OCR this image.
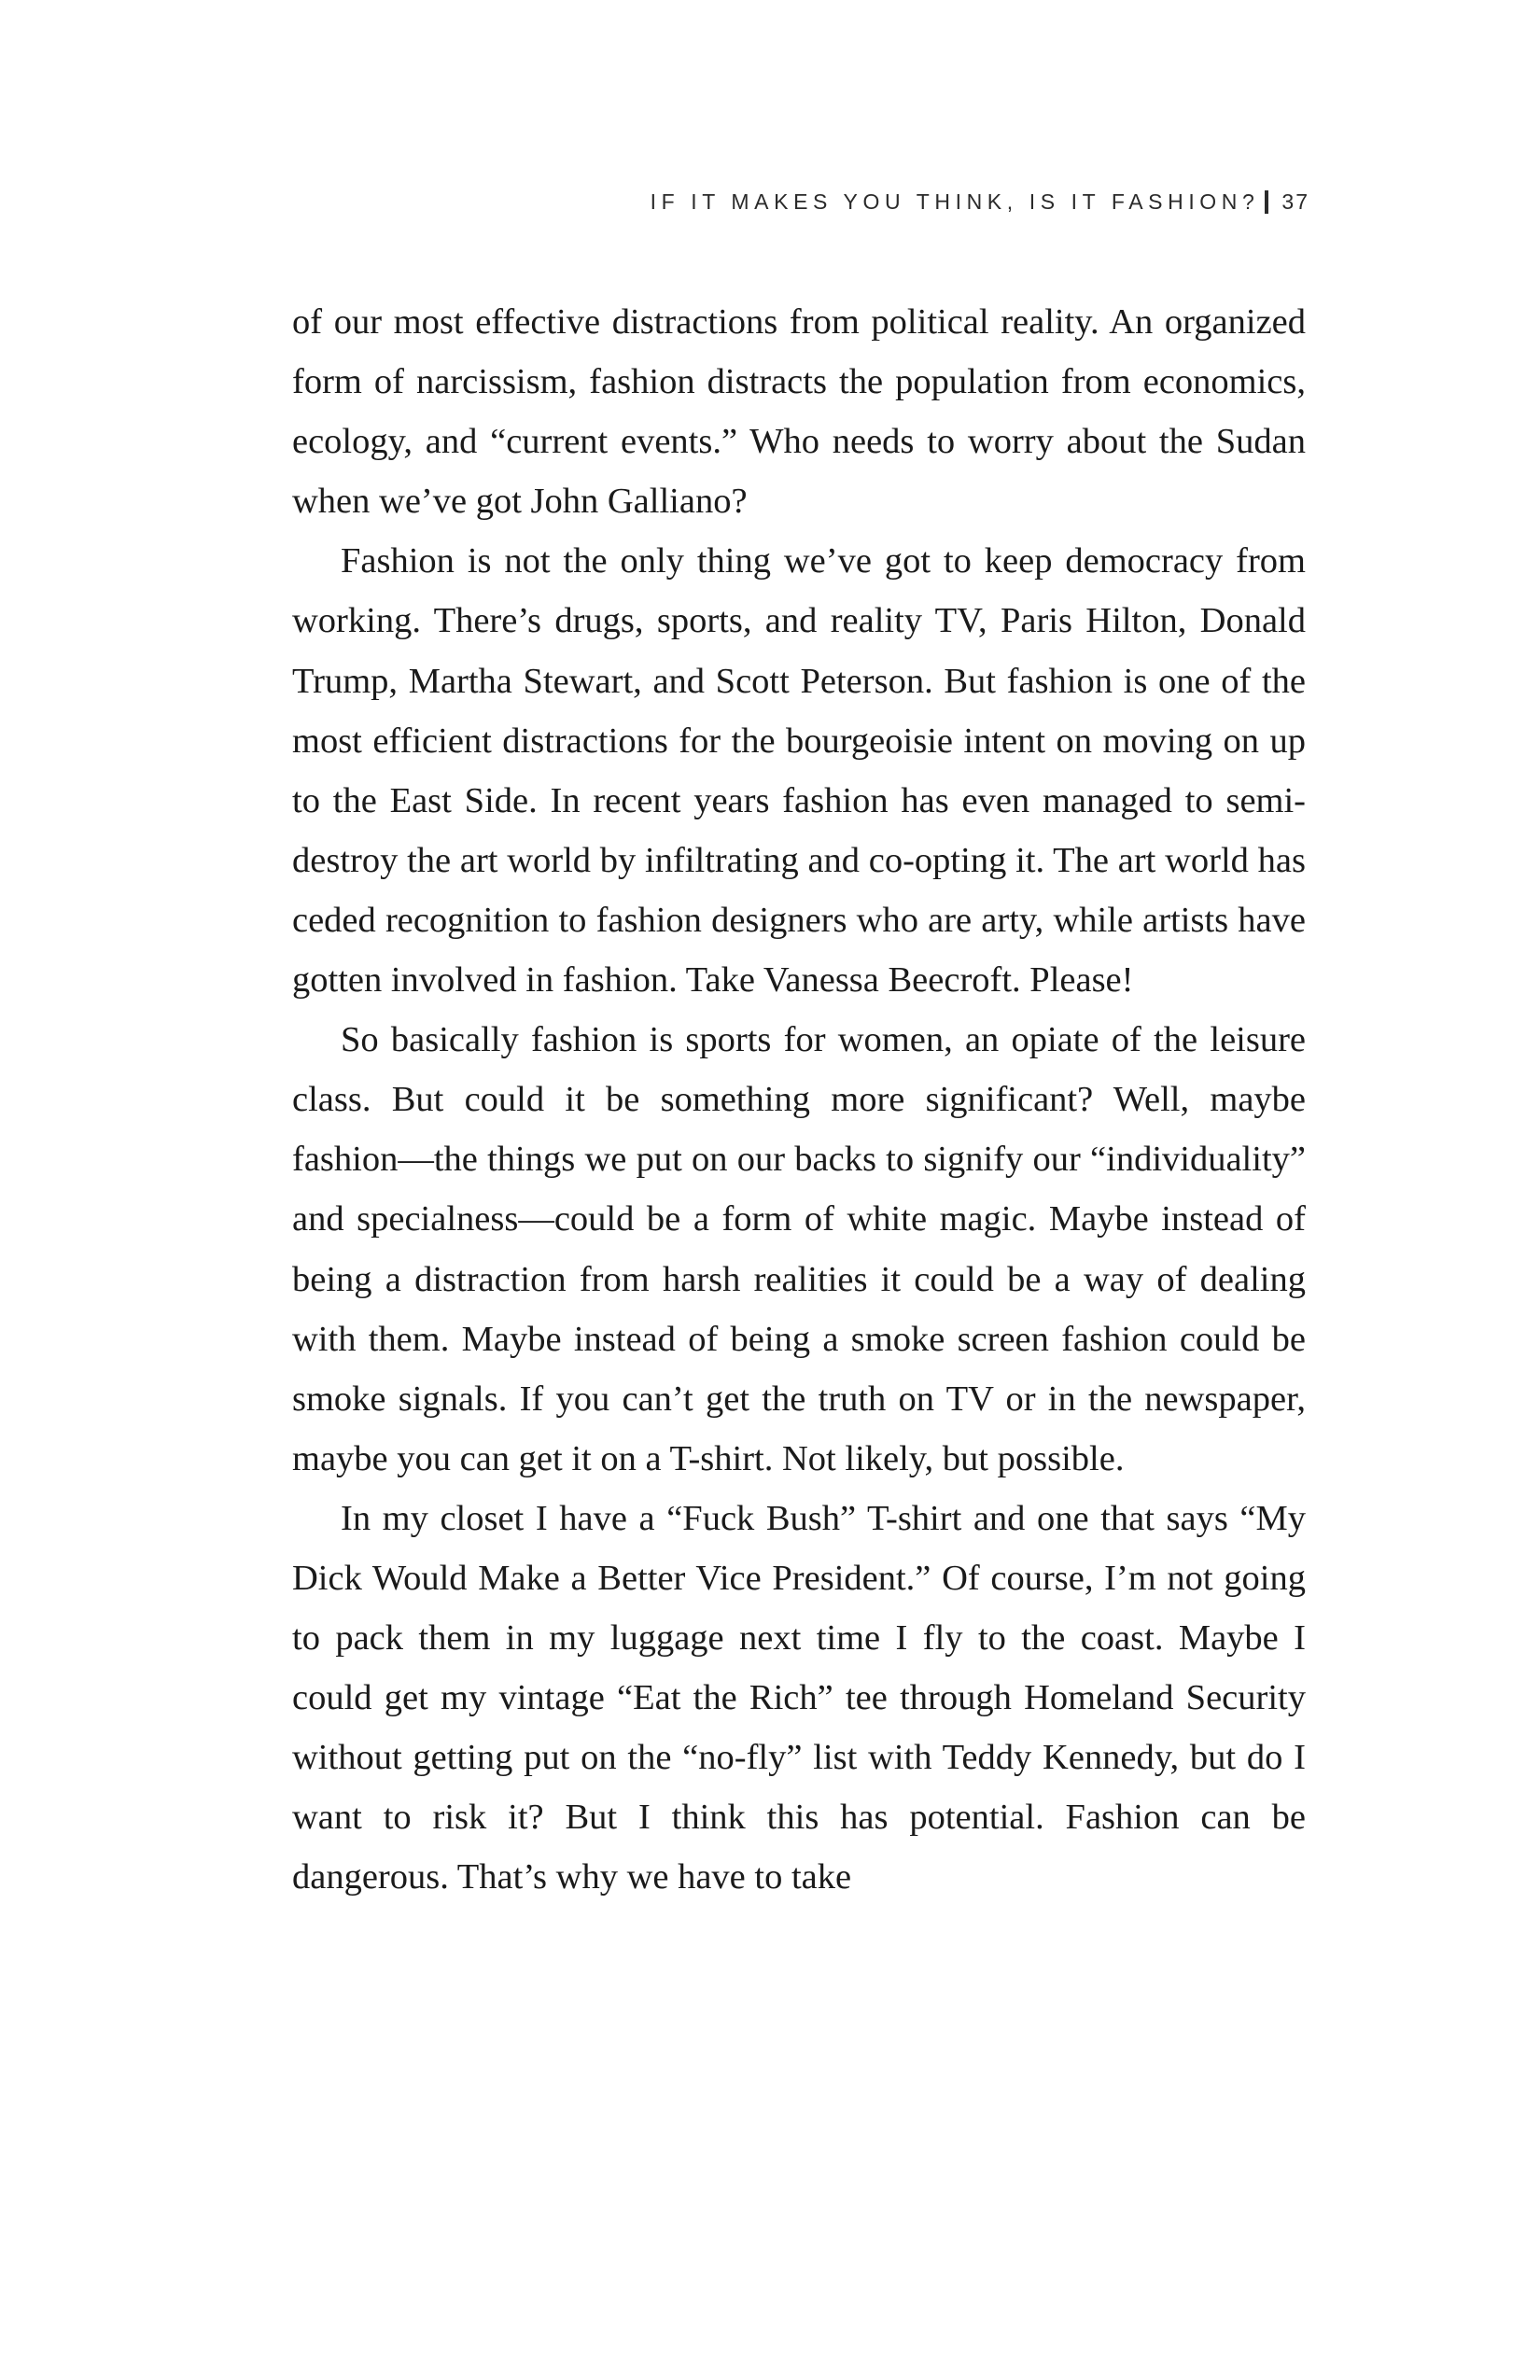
IF IT MAKES YOU THINK, IS IT FASHION? 37

of our most effective distractions from political reality. An organized form of narcissism, fashion distracts the population from economics, ecology, and “current events.” Who needs to worry about the Sudan when we’ve got John Galliano?

Fashion is not the only thing we’ve got to keep democracy from working. There’s drugs, sports, and reality TV, Paris Hilton, Donald Trump, Martha Stewart, and Scott Peterson. But fashion is one of the most efficient distractions for the bourgeoisie intent on moving on up to the East Side. In recent years fashion has even managed to semi-destroy the art world by infiltrating and co-opting it. The art world has ceded recognition to fashion designers who are arty, while artists have gotten involved in fashion. Take Vanessa Beecroft. Please!

So basically fashion is sports for women, an opiate of the leisure class. But could it be something more significant? Well, maybe fashion—the things we put on our backs to signify our “individuality” and specialness—could be a form of white magic. Maybe instead of being a distraction from harsh realities it could be a way of dealing with them. Maybe instead of being a smoke screen fashion could be smoke signals. If you can’t get the truth on TV or in the newspaper, maybe you can get it on a T-shirt. Not likely, but possible.

In my closet I have a “Fuck Bush” T-shirt and one that says “My Dick Would Make a Better Vice President.” Of course, I’m not going to pack them in my luggage next time I fly to the coast. Maybe I could get my vintage “Eat the Rich” tee through Homeland Security without getting put on the “no-fly” list with Teddy Kennedy, but do I want to risk it? But I think this has potential. Fashion can be dangerous. That’s why we have to take
